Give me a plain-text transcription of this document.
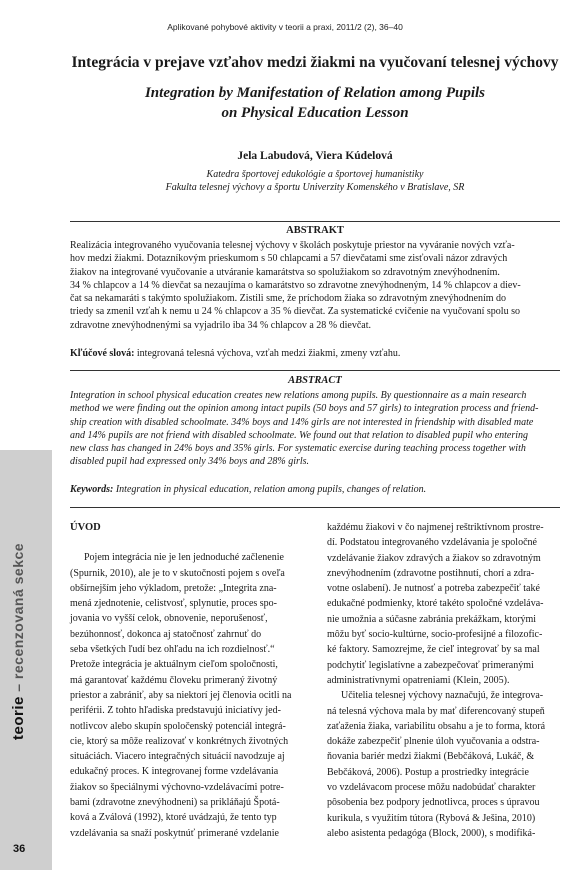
Aplikované pohybové aktivity v teorii a praxi, 2011/2 (2), 36–40
Integrácia v prejave vzťahov medzi žiakmi na vyučovaní telesnej výchovy
Integration by Manifestation of Relation among Pupils
on Physical Education Lesson
Jela Labudová, Viera Kúdelová
Katedra športovej edukológie a športovej humanistiky
Fakulta telesnej výchovy a športu Univerzity Komenského v Bratislave, SR
ABSTRAKT
Realizácia integrovaného vyučovania telesnej výchovy v školách poskytuje priestor na vyváranie nových vzťa-
hov medzi žiakmi. Dotazníkovým prieskumom s 50 chlapcami a 57 dievčatami sme zisťovali názor zdravých
žiakov na integrované vyučovanie a utváranie kamarátstva so spolužiakom so zdravotným znevýhodnením.
34 % chlapcov a 14 % dievčat sa nezaujíma o kamarátstvo so zdravotne znevýhodneným, 14 % chlapcov a diev-
čat sa nekamaráti s takýmto spolužiakom. Zistili sme, že príchodom žiaka so zdravotným znevýhodnením do
triedy sa zmenil vzťah k nemu u 24 % chlapcov a 35 % dievčat. Za systematické cvičenie na vyučovaní spolu so
zdravotne znevýhodnenými sa vyjadrilo iba 34 % chlapcov a 28 % dievčat.
Kľúčové slová: integrovaná telesná výchova, vzťah medzi žiakmi, zmeny vzťahu.
ABSTRACT
Integration in school physical education creates new relations among pupils. By questionnaire as a main research
method we were finding out the opinion among intact pupils (50 boys and 57 girls) to integration process and friend-
ship creation with disabled schoolmate. 34% boys and 14% girls are not interested in friendship with disabled mate
and 14% pupils are not friend with disabled schoolmate. We found out that relation to disabled pupil who entering
new class has changed in 24% boys and 35% girls. For systematic exercise during teaching process together with
disabled pupil had expressed only 34% boys and 28% girls.
Keywords: Integration in physical education, relation among pupils, changes of relation.
ÚVOD
Pojem integrácia nie je len jednoduché začlenenie
(Spurnik, 2010), ale je to v skutočnosti pojem s oveľa
obšírnejším jeho výkladom, pretože: „Integrita zna-
mená zjednotenie, celistvosť, splynutie, proces spo-
jovania vo vyšší celok, obnovenie, neporušenosť,
bezúhonnosť, dokonca aj statočnosť zahrnuť do
seba všetkých ľudí bez ohľadu na ich rozdielnosť.“
Pretože integrácia je aktuálnym cieľom spoločnosti,
má garantovať každému človeku primeraný životný
priestor a zabrániť, aby sa niektorí jej členovia ocitli na
periférii. Z tohto hľadiska predstavujú iniciatívy jed-
notlivcov alebo skupín spoločenský potenciál integrá-
cie, ktorý sa môže realizovať v konkrétnych životných
situáciách. Viacero integračných situácií navodzuje aj
edukačný proces. K integrovanej forme vzdelávania
žiakov so špeciálnymi výchovno-vzdelávacími potre-
bami (zdravotne znevýhodneni) sa prikláňajú Špotá-
ková a Zválová (1992), ktoré uvádzajú, že tento typ
vzdelávania sa snaží poskytnúť primerané vzdelanie
každému žiakovi v čo najmenej reštriktívnom prostre-
dí. Podstatou integrovaného vzdelávania je spoločné
vzdelávanie žiakov zdravých a žiakov so zdravotným
znevýhodnením (zdravotne postihnutí, chorí a zdra-
votne oslabení). Je nutnosť a potreba zabezpečiť také
edukačné podmienky, ktoré takéto spoločné vzdeláva-
nie umožnia a súčasne zabránia prekážkam, ktorými
môžu byť socio-kultúrne, socio-profesijné a filozofic-
ké faktory. Samozrejme, že cieľ integrovať by sa mal
podchytiť legislatívne a zabezpečovať primeranými
administratívnymi opatreniami (Klein, 2005).
Učitelia telesnej výchovy naznačujú, že integrova-
ná telesná výchova mala by mať diferencovaný stupeň
zaťaženia žiaka, variabilitu obsahu a je to forma, ktorá
dokáže zabezpečiť plnenie úloh vyučovania a odstra-
ňovania bariér medzi žiakmi (Bebčáková, Lukáč, &
Bebčáková, 2006). Postup a prostriedky integrácie
vo vzdelávacom procese môžu nadobúdať charakter
pôsobenia bez podpory jednotlivca, proces s úpravou
kurikula, s využitím tútora (Rybová & Ješina, 2010)
alebo asistenta pedagóga (Block, 2000), s modifiká-
teorie – recenzovaná sekce
36
